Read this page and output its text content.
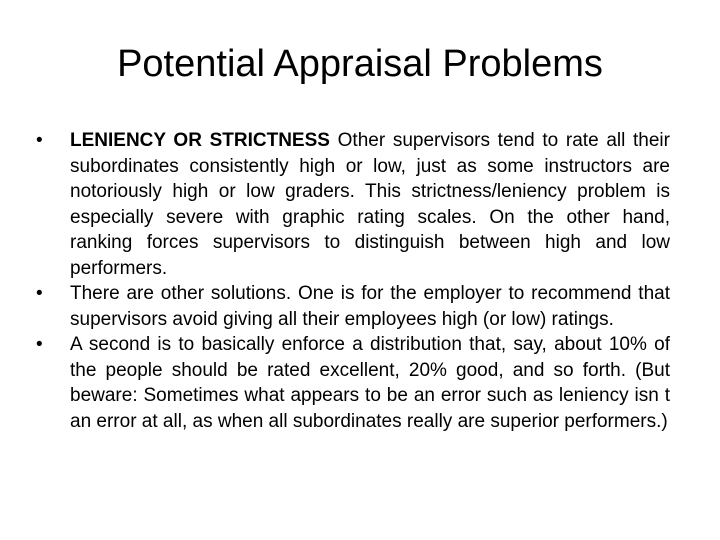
Potential Appraisal Problems
•	LENIENCY OR STRICTNESS Other supervisors tend to rate all their subordinates consistently high or low, just as some instructors are notoriously high or low graders. This strictness/leniency problem is especially severe with graphic rating scales. On the other hand, ranking forces supervisors to distinguish between high and low performers.
•	There are other solutions. One is for the employer to recommend that supervisors avoid giving all their employees high (or low) ratings.
•	A second is to basically enforce a distribution that, say, about 10% of the people should be rated excellent, 20% good, and so forth. (But beware: Sometimes what appears to be an error such as leniency isn t an error at all, as when all subordinates really are superior performers.)
